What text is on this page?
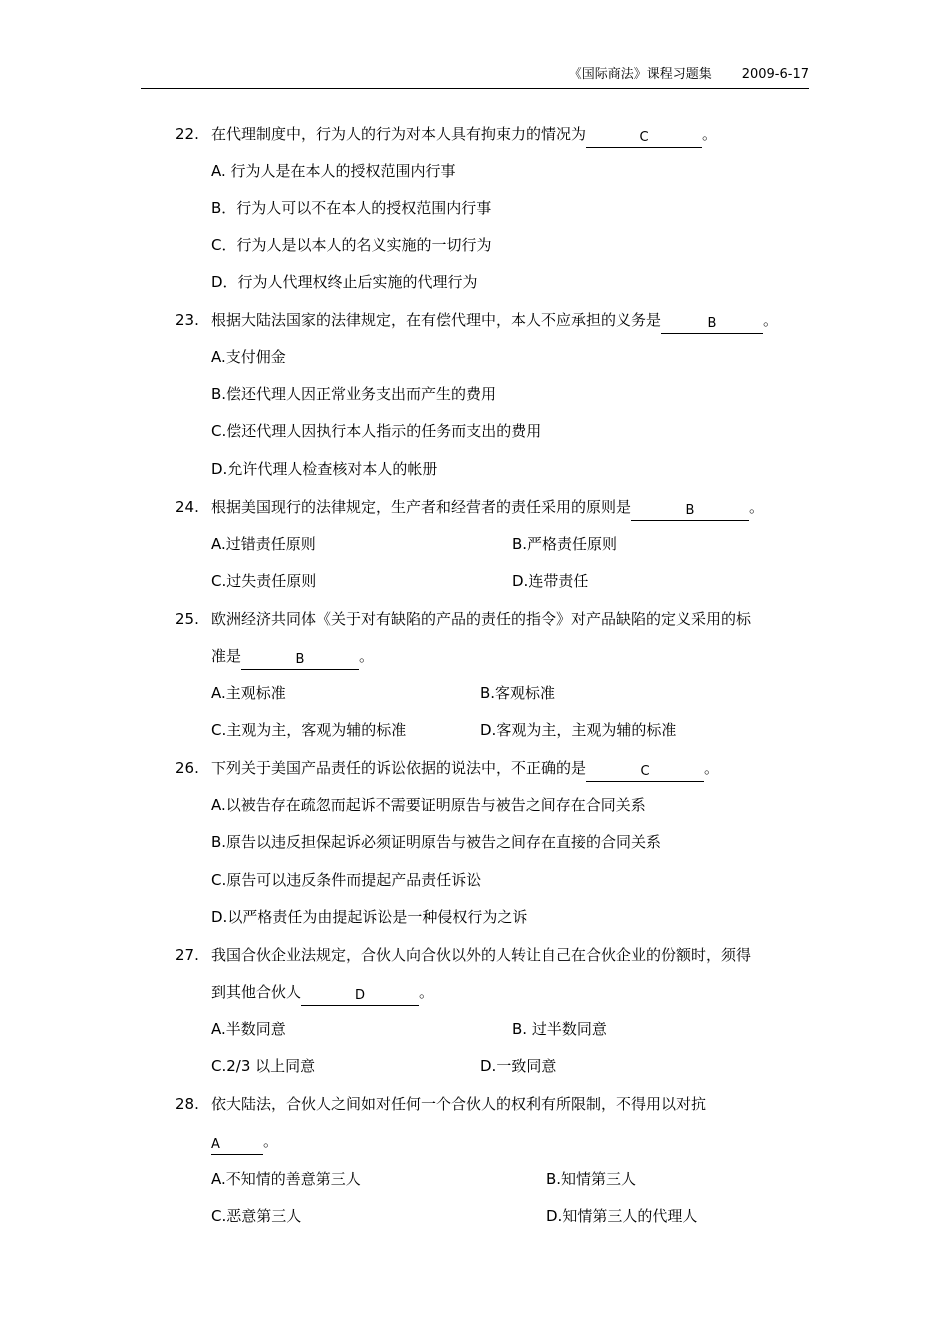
《国际商法》课程习题集 2009-6-17
22. 在代理制度中，行为人的行为对本人具有拘束力的情况为	C	。
A. 行为人是在本人的授权范围内行事
B．行为人可以不在本人的授权范围内行事
C．行为人是以本人的名义实施的一切行为
D．行为人代理权终止后实施的代理行为
23. 根据大陆法国家的法律规定，在有偿代理中，本人不应承担的义务是	B	。
A.支付佣金
B.偿还代理人因正常业务支出而产生的费用
C.偿还代理人因执行本人指示的任务而支出的费用
D.允许代理人检查核对本人的帐册
24. 根据美国现行的法律规定，生产者和经营者的责任采用的原则是	B	。
A.过错责任原则	B.严格责任原则
C.过失责任原则	D.连带责任
25. 欧洲经济共同体《关于对有缺陷的产品的责任的指令》对产品缺陷的定义采用的标
准是	B	。
A.主观标准	B.客观标准
C.主观为主，客观为辅的标准	D.客观为主，主观为辅的标准
26. 下列关于美国产品责任的诉讼依据的说法中，不正确的是	C	。
A.以被告存在疏忽而起诉不需要证明原告与被告之间存在合同关系
B.原告以违反担保起诉必须证明原告与被告之间存在直接的合同关系
C.原告可以违反条件而提起产品责任诉讼
D.以严格责任为由提起诉讼是一种侵权行为之诉
27. 我国合伙企业法规定，合伙人向合伙以外的人转让自己在合伙企业的份额时，须得
到其他合伙人	D	。
A.半数同意	B. 过半数同意
C.2/3 以上同意	D.一致同意
28. 依大陆法，合伙人之间如对任何一个合伙人的权利有所限制，不得用以对抗
A	。
A.不知情的善意第三人	B.知情第三人
C.恶意第三人	D.知情第三人的代理人
